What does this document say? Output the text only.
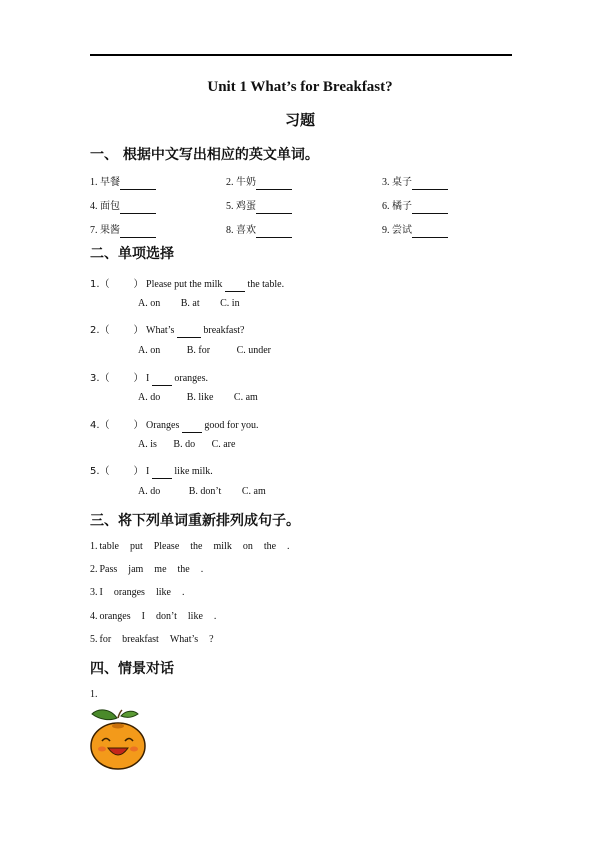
Unit 1 What’s for Breakfast?
习题
一、 根据中文写出相应的英文单词。
1. 早餐	2. 牛奶	3. 桌子
4. 面包	5. 鸡蛋	6. 橘子
7. 果酱	8. 喜欢	9. 尝试
二、单项选择
1.（ ） Please put the milk	the table.
A. on B. at C. in
2.（ ） What’s	breakfast?
A. on	B. for	C. under
3.（ ） I	oranges.
A. do	B. like C. am
4.（ ） Oranges	good for you.
A. is B. do C. are
5.（ ） I	like milk.
A. do	B. don’t C. am
三、将下列单词重新排列成句子。
1. table put Please the milk on the .
2. Pass jam me the .
3. I oranges like .
4. oranges I don’t like .
5. for breakfast What’s ?
四、情景对话
1.
